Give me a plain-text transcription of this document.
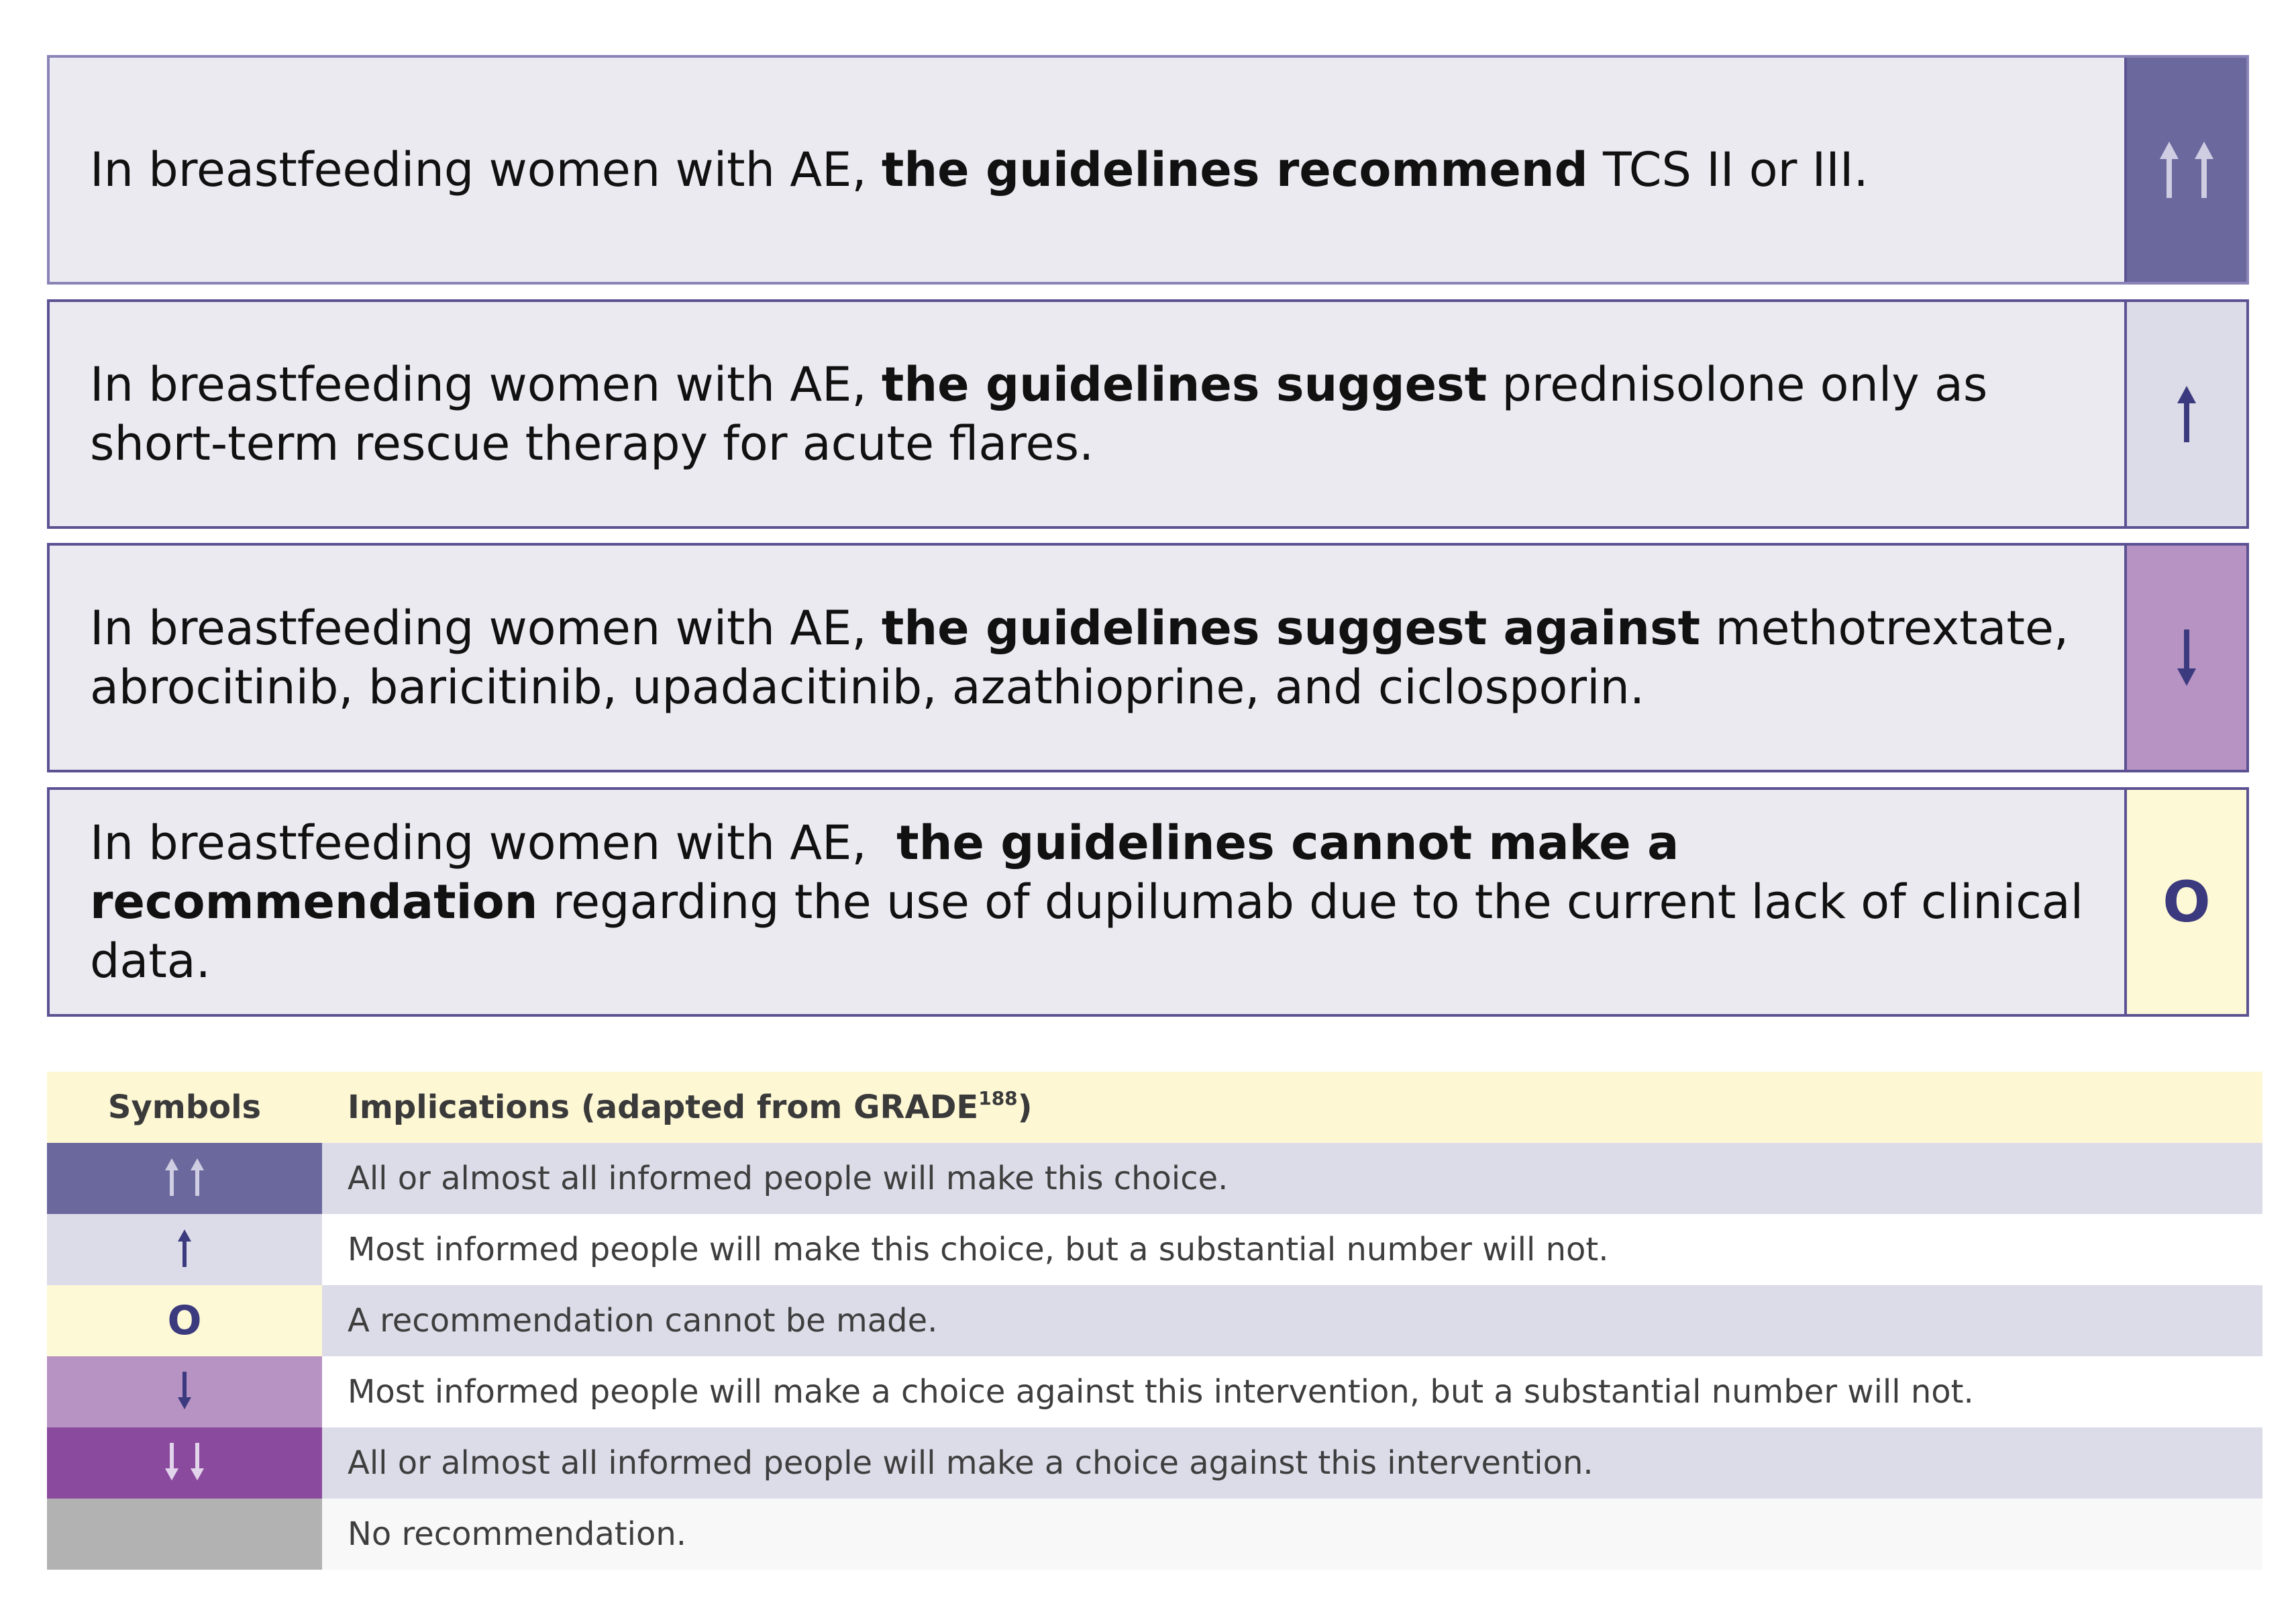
In breastfeeding women with AE, the guidelines recommend TCS II or III.
In breastfeeding women with AE, the guidelines suggest prednisolone only as short-term rescue therapy for acute flares.
In breastfeeding women with AE, the guidelines suggest against methotrextate, abrocitinib, baricitinib, upadacitinib, azathioprine, and ciclosporin.
In breastfeeding women with AE,  the guidelines cannot make a recommendation regarding the use of dupilumab due to the current lack of clinical data.
O
Symbols	Implications (adapted from GRADE$^{188}$)
All or almost all informed people will make this choice.
Most informed people will make this choice, but a substantial number will not.
O	A recommendation cannot be made.
Most informed people will make a choice against this intervention, but a substantial number will not.
All or almost all informed people will make a choice against this intervention.
No recommendation.
